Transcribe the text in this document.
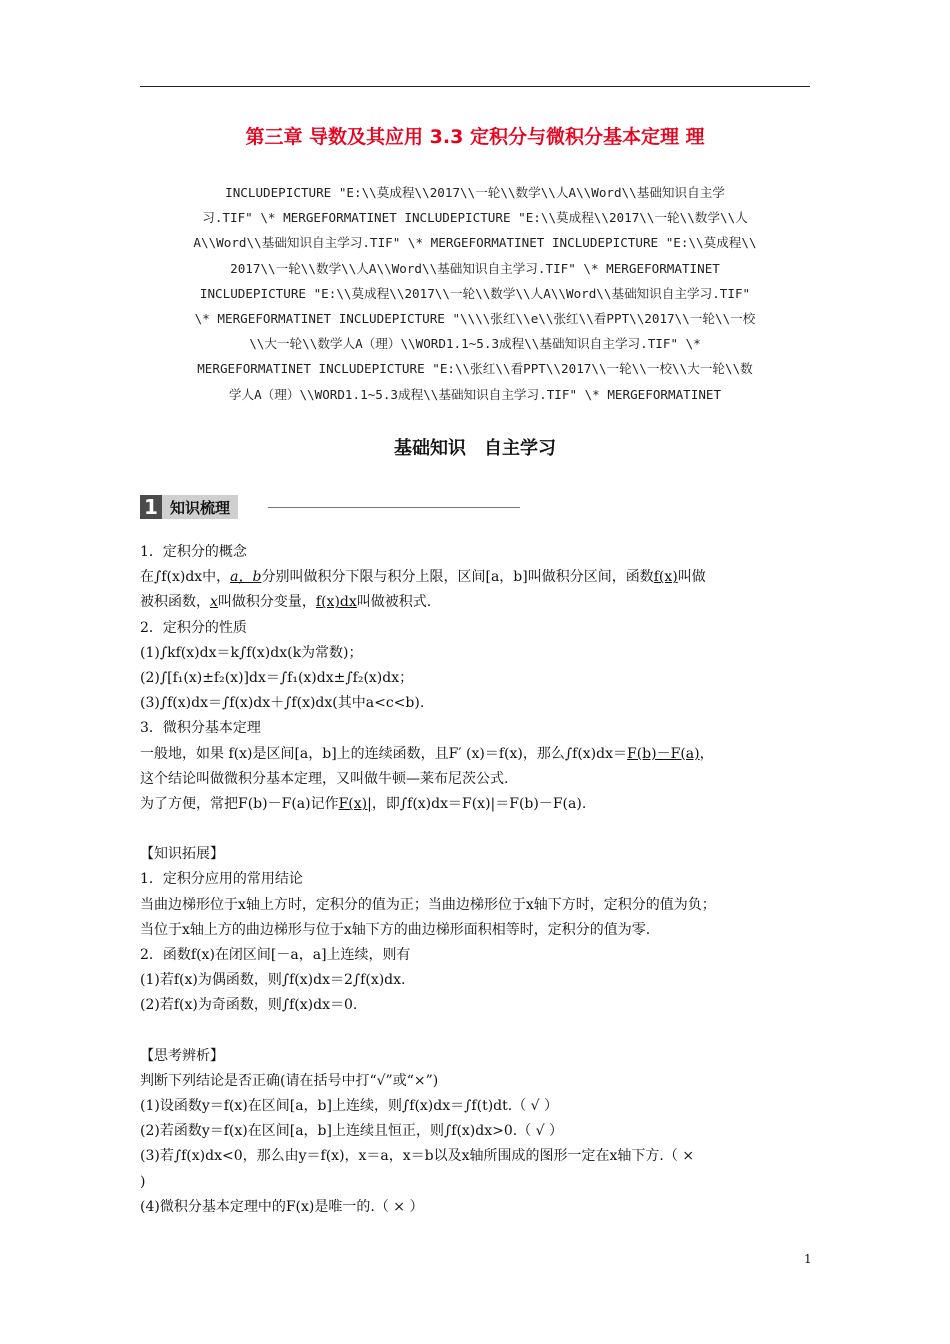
第三章 导数及其应用 3.3 定积分与微积分基本定理 理
INCLUDEPICTURE "E:\\莫成程\\2017\\一轮\\数学\\人A\\Word\\基础知识自主学
习.TIF" \* MERGEFORMATINET INCLUDEPICTURE "E:\\莫成程\\2017\\一轮\\数学\\人
A\\Word\\基础知识自主学习.TIF" \* MERGEFORMATINET INCLUDEPICTURE "E:\\莫成程\\
2017\\一轮\\数学\\人A\\Word\\基础知识自主学习.TIF" \* MERGEFORMATINET
INCLUDEPICTURE "E:\\莫成程\\2017\\一轮\\数学\\人A\\Word\\基础知识自主学习.TIF"
\* MERGEFORMATINET INCLUDEPICTURE "\\\\张红\\e\\张红\\看PPT\\2017\\一轮\\一校
\\大一轮\\数学人A（理）\\WORD1.1~5.3成程\\基础知识自主学习.TIF" \*
MERGEFORMATINET INCLUDEPICTURE "E:\\张红\\看PPT\\2017\\一轮\\一校\\大一轮\\数
学人A（理）\\WORD1.1~5.3成程\\基础知识自主学习.TIF" \* MERGEFORMATINET
基础知识　自主学习
1 知识梳理
1．定积分的概念
在∫f(x)dx中，a，b分别叫做积分下限与积分上限，区间[a，b]叫做积分区间，函数f(x)叫做
被积函数，x叫做积分变量，f(x)dx叫做被积式.
2．定积分的性质
(1)∫kf(x)dx＝k∫f(x)dx(k为常数)；
(2)∫[f₁(x)±f₂(x)]dx＝∫f₁(x)dx±∫f₂(x)dx；
(3)∫f(x)dx＝∫f(x)dx＋∫f(x)dx(其中a<c<b).
3．微积分基本定理
一般地，如果 f(x)是区间[a，b]上的连续函数，且F′ (x)＝f(x)，那么∫f(x)dx＝F(b)－F(a)，
这个结论叫做微积分基本定理，又叫做牛顿—莱布尼茨公式.
为了方便，常把F(b)－F(a)记作F(x)|，即∫f(x)dx＝F(x)|＝F(b)－F(a).
【知识拓展】
1．定积分应用的常用结论
当曲边梯形位于x轴上方时，定积分的值为正；当曲边梯形位于x轴下方时，定积分的值为负；
当位于x轴上方的曲边梯形与位于x轴下方的曲边梯形面积相等时，定积分的值为零.
2．函数f(x)在闭区间[－a，a]上连续，则有
(1)若f(x)为偶函数，则∫f(x)dx＝2∫f(x)dx.
(2)若f(x)为奇函数，则∫f(x)dx＝0.
【思考辨析】
判断下列结论是否正确(请在括号中打“√”或“×”)
(1)设函数y＝f(x)在区间[a，b]上连续，则∫f(x)dx＝∫f(t)dt.（ √ ）
(2)若函数y＝f(x)在区间[a，b]上连续且恒正，则∫f(x)dx>0.（ √ ）
(3)若∫f(x)dx<0，那么由y＝f(x)，x＝a，x＝b以及x轴所围成的图形一定在x轴下方.（ ×
)
(4)微积分基本定理中的F(x)是唯一的.（ × ）
1
